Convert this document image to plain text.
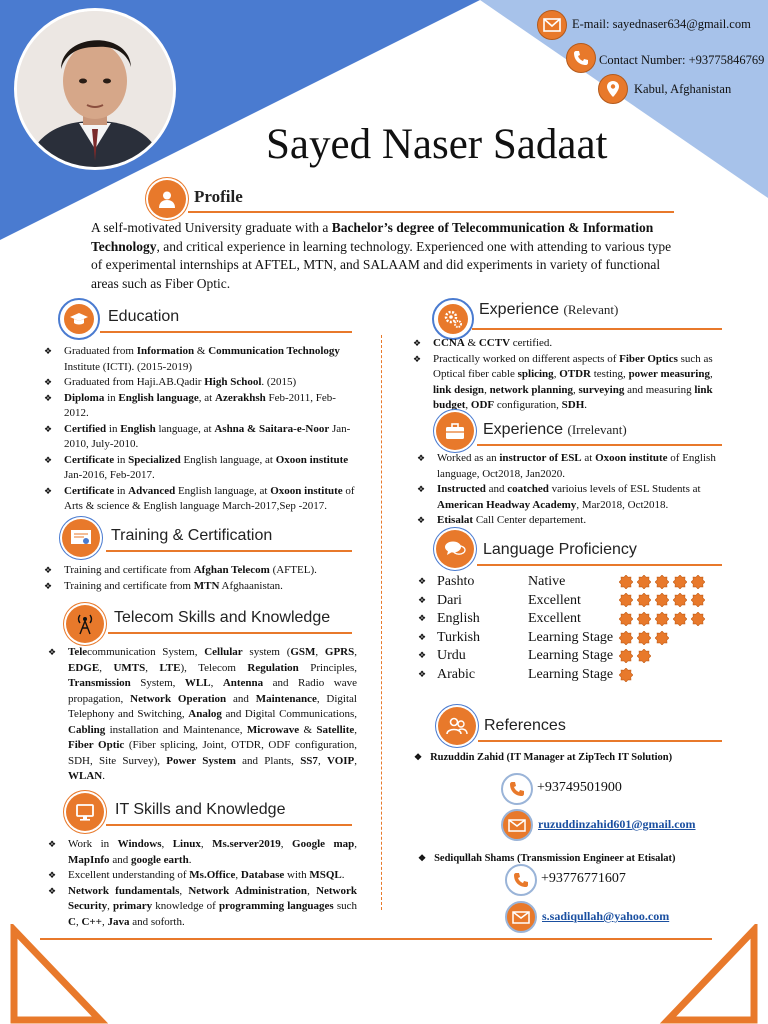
E-mail: sayednaser634@gmail.com
Contact Number: +93775846769
Kabul, Afghanistan
Sayed Naser Sadaat
Profile
A self-motivated University graduate with a Bachelor’s degree of Telecommunication & Information Technology, and critical experience in learning technology. Experienced one with attending to various type of experimental internships at AFTEL, MTN, and SALAAM and did experiments in variety of functional areas such as Fiber Optic.
Education
❖ Graduated from Information & Communication Technology Institute (ICTI). (2015-2019)
❖ Graduated from Haji.AB.Qadir High School. (2015)
❖ Diploma in English language, at Azerakhsh Feb-2011, Feb-2012.
❖ Certified in English language, at Ashna & Saitara-e-Noor Jan-2010, July-2010.
❖ Certificate in Specialized English language, at Oxoon institute Jan-2016, Feb-2017.
❖ Certificate in Advanced English language, at Oxoon institute of Arts & science & English language March-2017,Sep -2017.
Training & Certification
❖ Training and certificate from Afghan Telecom (AFTEL).
❖ Training and certificate from MTN Afghaanistan.
Telecom Skills and Knowledge
❖ Telecommunication System, Cellular system (GSM, GPRS, EDGE, UMTS, LTE), Telecom Regulation Principles, Transmission System, WLL, Antenna and Radio wave propagation, Network Operation and Maintenance, Digital Telephony and Switching, Analog and Digital Communications, Cabling installation and Maintenance, Microwave & Satellite, Fiber Optic (Fiber splicing, Joint, OTDR, ODF configuration, SDH, Site Survey), Power System and Plants, SS7, VOIP, WLAN.
IT Skills and Knowledge
❖ Work in Windows, Linux, Ms.server2019, Google map, MapInfo and google earth.
❖ Excellent understanding of Ms.Office, Database with MSQL.
❖ Network fundamentals, Network Administration, Network Security, primary knowledge of programming languages such C, C++, Java and soforth.
Experience (Relevant)
❖ CCNA & CCTV certified.
❖ Practically worked on different aspects of Fiber Optics such as Optical fiber cable splicing, OTDR testing, power measuring, link design, network planning, surveying and measuring link budget, ODF configuration, SDH.
Experience (Irrelevant)
❖ Worked as an instructor of ESL at Oxoon institute of English language, Oct2018, Jan2020.
❖ Instructed and coatched varioius levels of ESL Students at American Headway Academy, Mar2018, Oct2018.
❖ Etisalat Call Center departement.
Language Proficiency
❖ Pashto	Native
❖ Dari	Excellent
❖ English	Excellent
❖ Turkish	Learning Stage
❖ Urdu	Learning Stage
❖ Arabic	Learning Stage
References
❖ Ruzuddin Zahid (IT Manager at ZipTech IT Solution)
+93749501900
ruzuddinzahid601@gmail.com
❖ Sediqullah Shams (Transmission Engineer at Etisalat)
+93776771607
s.sadiqullah@yahoo.com
